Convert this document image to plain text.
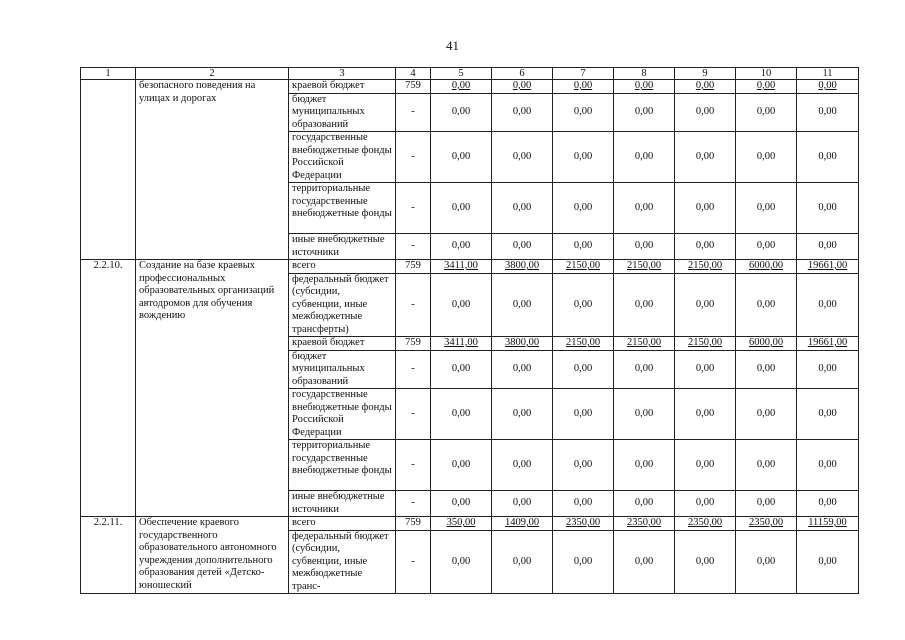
41
1	2	3	4	5	6	7	8	9	10	11
	безопасного поведения на улицах и дорогах	краевой бюджет	759	0,00	0,00	0,00	0,00	0,00	0,00	0,00
		бюджет муниципальных образований	-	0,00	0,00	0,00	0,00	0,00	0,00	0,00
		государственные внебюджетные фонды Российской Федерации	-	0,00	0,00	0,00	0,00	0,00	0,00	0,00
		территориальные государственные внебюджетные фонды	-	0,00	0,00	0,00	0,00	0,00	0,00	0,00
		иные внебюджетные источники	-	0,00	0,00	0,00	0,00	0,00	0,00	0,00
2.2.10.	Создание на базе краевых профессиональных образовательных организаций автодромов для обучения вождению	всего	759	3411,00	3800,00	2150,00	2150,00	2150,00	6000,00	19661,00
		федеральный бюджет (субсидии, субвенции, иные межбюджетные трансферты)	-	0,00	0,00	0,00	0,00	0,00	0,00	0,00
		краевой бюджет	759	3411,00	3800,00	2150,00	2150,00	2150,00	6000,00	19661,00
		бюджет муниципальных образований	-	0,00	0,00	0,00	0,00	0,00	0,00	0,00
		государственные внебюджетные фонды Российской Федерации	-	0,00	0,00	0,00	0,00	0,00	0,00	0,00
		территориальные государственные внебюджетные фонды	-	0,00	0,00	0,00	0,00	0,00	0,00	0,00
		иные внебюджетные источники	-	0,00	0,00	0,00	0,00	0,00	0,00	0,00
2.2.11.	Обеспечение краевого государственного образовательного автономного учреждения дополнительного образования детей «Детско-юношеский	всего	759	350,00	1409,00	2350,00	2350,00	2350,00	2350,00	11159,00
		федеральный бюджет (субсидии, субвенции, иные межбюджетные транс-	-	0,00	0,00	0,00	0,00	0,00	0,00	0,00
